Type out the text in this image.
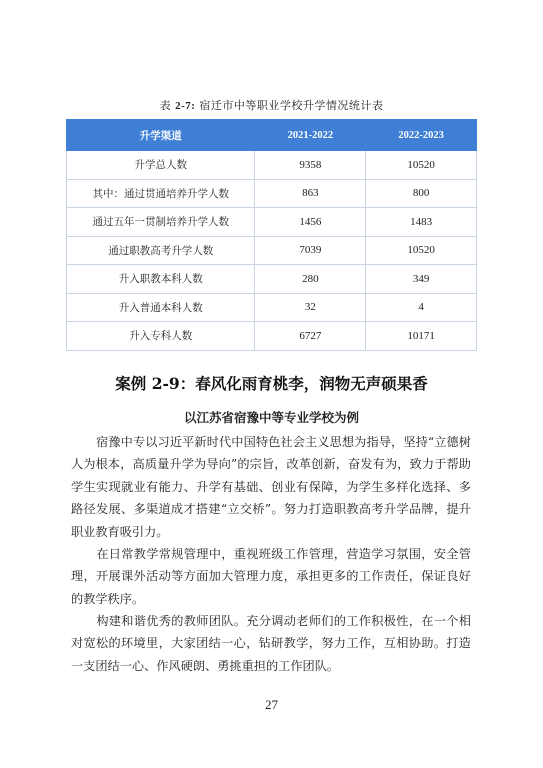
表 2-7: 宿迁市中等职业学校升学情况统计表
升学渠道	2021-2022	2022-2023
升学总人数	9358	10520
其中：通过贯通培养升学人数	863	800
通过五年一贯制培养升学人数	1456	1483
通过职教高考升学人数	7039	10520
升入职教本科人数	280	349
升入普通本科人数	32	4
升入专科人数	6727	10171
案例 2-9：春风化雨育桃李，润物无声硕果香
以江苏省宿豫中等专业学校为例

宿豫中专以习近平新时代中国特色社会主义思想为指导，坚持“立德树人为根本，高质量升学为导向”的宗旨，改革创新，奋发有为，致力于帮助学生实现就业有能力、升学有基础、创业有保障，为学生多样化选择、多路径发展、多渠道成才搭建“立交桥”。努力打造职教高考升学品牌，提升职业教育吸引力。

在日常教学常规管理中，重视班级工作管理，营造学习氛围，安全管理，开展课外活动等方面加大管理力度，承担更多的工作责任，保证良好的教学秩序。

构建和谐优秀的教师团队。充分调动老师们的工作积极性，在一个相对宽松的环境里，大家团结一心，钻研教学，努力工作，互相协助。打造一支团结一心、作风硬朗、勇挑重担的工作团队。

27
